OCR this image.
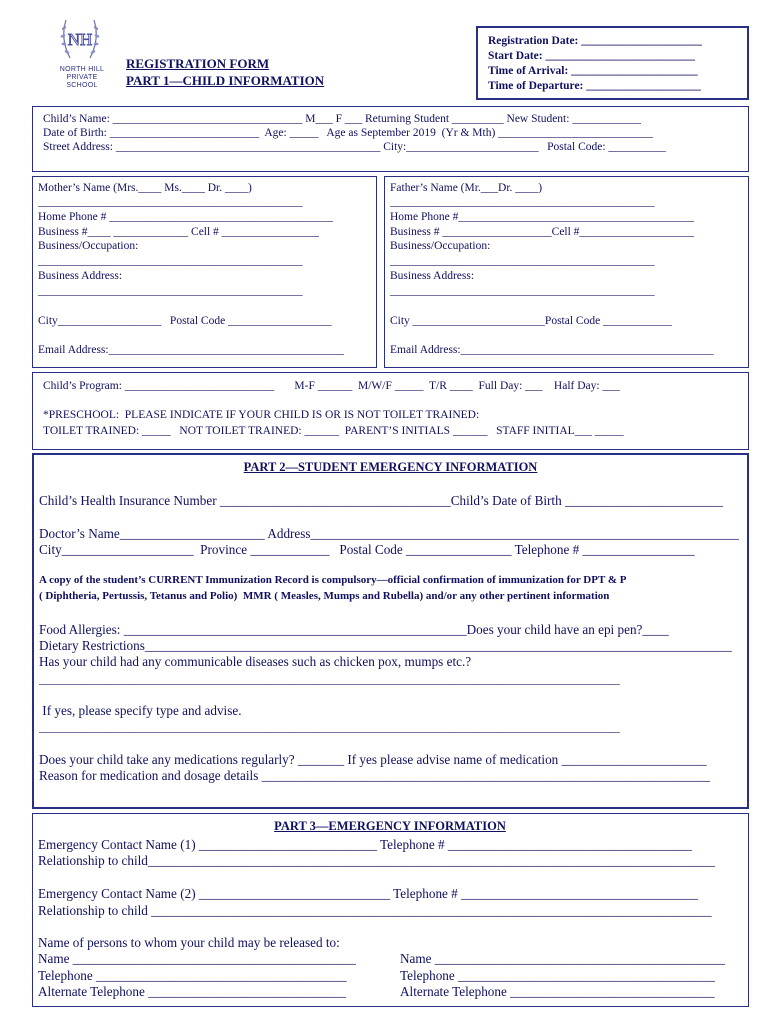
NH
NORTH HILL
PRIVATE SCHOOL
REGISTRATION FORM
PART 1—CHILD INFORMATION
Registration Date: _____________________
Start Date: __________________________
Time of Arrival: ______________________
Time of Departure: ____________________
Child’s Name: _________________________________ M___ F ___ Returning Student _________ New Student: ____________
Date of Birth: __________________________  Age: _____   Age as September 2019  (Yr & Mth) ___________________________
Street Address: ______________________________________________ City:_______________________   Postal Code: __________
Mother’s Name (Mrs.____ Ms.____ Dr. ____)
______________________________________________
Home Phone # _______________________________________
Business #____ _____________ Cell # _________________
Business/Occupation:
______________________________________________
Business Address:
______________________________________________
City__________________   Postal Code __________________
Email Address:_________________________________________
Father’s Name (Mr.___Dr. ____)
______________________________________________
Home Phone #_________________________________________
Business # ___________________Cell #____________________
Business/Occupation:
______________________________________________
Business Address:
______________________________________________
City _______________________Postal Code ____________
Email Address:____________________________________________
Child’s Program: __________________________       M-F ______  M/W/F _____  T/R ____  Full Day: ___    Half Day: ___
*PRESCHOOL:  PLEASE INDICATE IF YOUR CHILD IS OR IS NOT TOILET TRAINED:
TOILET TRAINED: _____   NOT TOILET TRAINED: ______  PARENT’S INITIALS ______   STAFF INITIAL___ _____
PART 2—STUDENT EMERGENCY INFORMATION
Child’s Health Insurance Number ___________________________________Child’s Date of Birth ________________________
Doctor’s Name______________________ Address_________________________________________________________________
City____________________  Province ____________   Postal Code ________________ Telephone # _________________
A copy of the student’s CURRENT Immunization Record is compulsory—official confirmation of immunization for DPT & P
( Diphtheria, Pertussis, Tetanus and Polio)  MMR ( Measles, Mumps and Rubella) and/or any other pertinent information
Food Allergies: ____________________________________________________Does your child have an epi pen?____
Dietary Restrictions_________________________________________________________________________________________
Has your child had any communicable diseases such as chicken pox, mumps etc.?
_____________________________________________________________________________________________________
If yes, please specify type and advise.
_____________________________________________________________________________________________________
Does your child take any medications regularly? _______ If yes please advise name of medication ______________________
Reason for medication and dosage details ____________________________________________________________________
PART 3—EMERGENCY INFORMATION
Emergency Contact Name (1) ___________________________ Telephone # _____________________________________
Relationship to child______________________________________________________________________________________
Emergency Contact Name (2) _____________________________ Telephone # ____________________________________
Relationship to child _____________________________________________________________________________________
Name of persons to whom your child may be released to:
Name ___________________________________________
Telephone ______________________________________
Alternate Telephone ______________________________
Name ____________________________________________
Telephone _______________________________________
Alternate Telephone _______________________________
